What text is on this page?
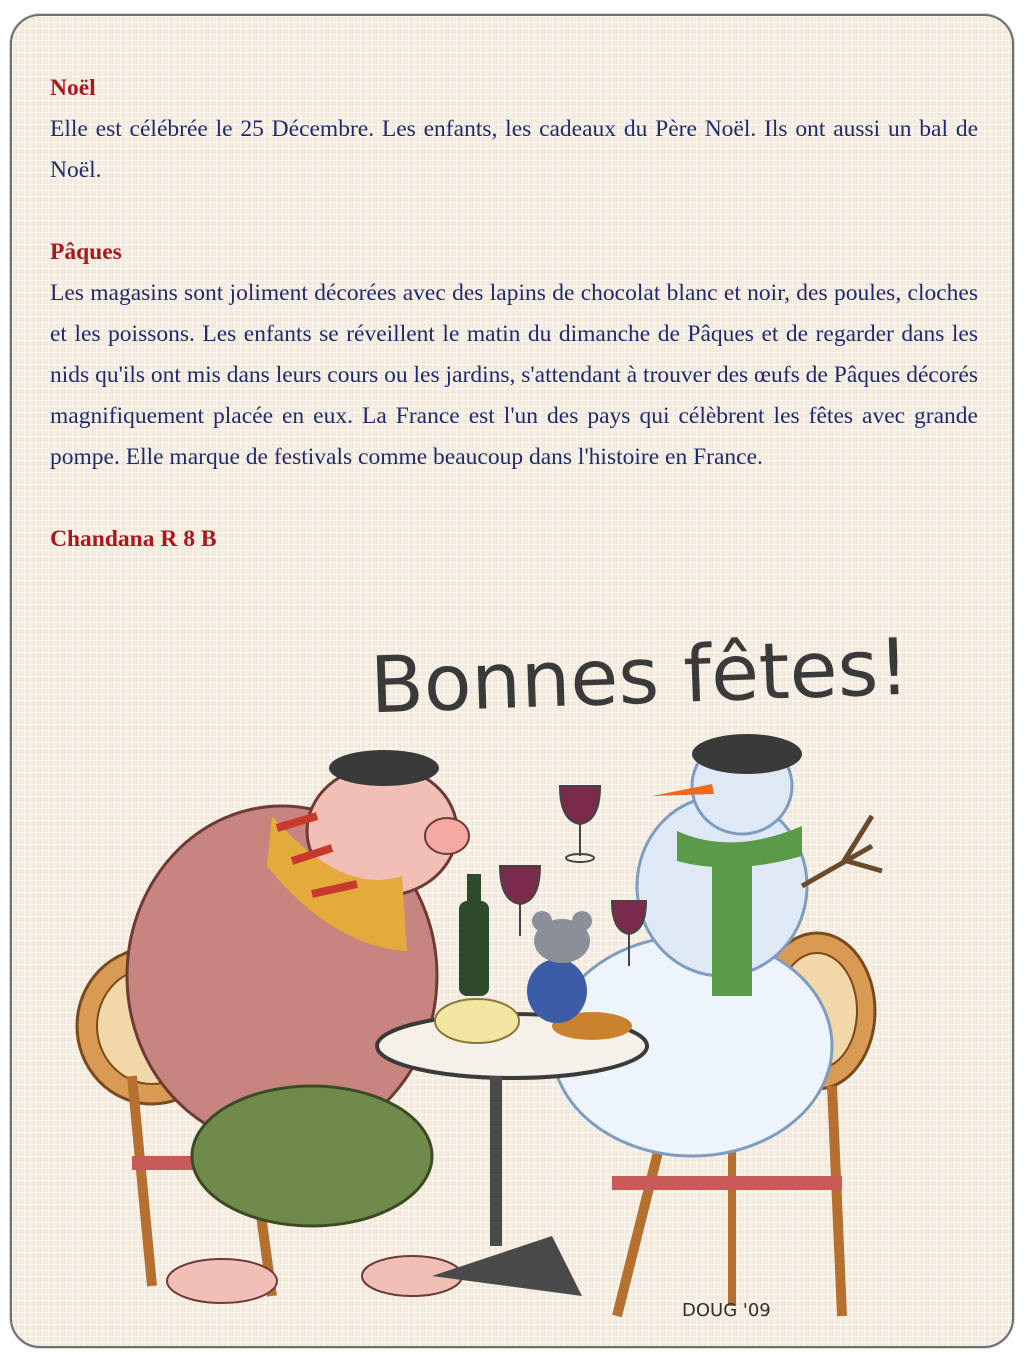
Noël

Elle est célébrée le 25 Décembre. Les enfants, les cadeaux du Père Noël. Ils ont aussi un bal de Noël.

Pâques

Les magasins sont joliment décorées avec des lapins de chocolat blanc et noir, des poules, cloches et les poissons. Les enfants se réveillent le matin du dimanche de Pâques et de regarder dans les nids qu'ils ont mis dans leurs cours ou les jardins, s'attendant à trouver des œufs de Pâques décorés magnifiquement placée en eux. La France est l'un des pays qui célèbrent les fêtes avec grande pompe. Elle marque de festivals comme beaucoup dans l'histoire en France.

Chandana R 8 B
Bonnes fêtes!
DOUG '09
